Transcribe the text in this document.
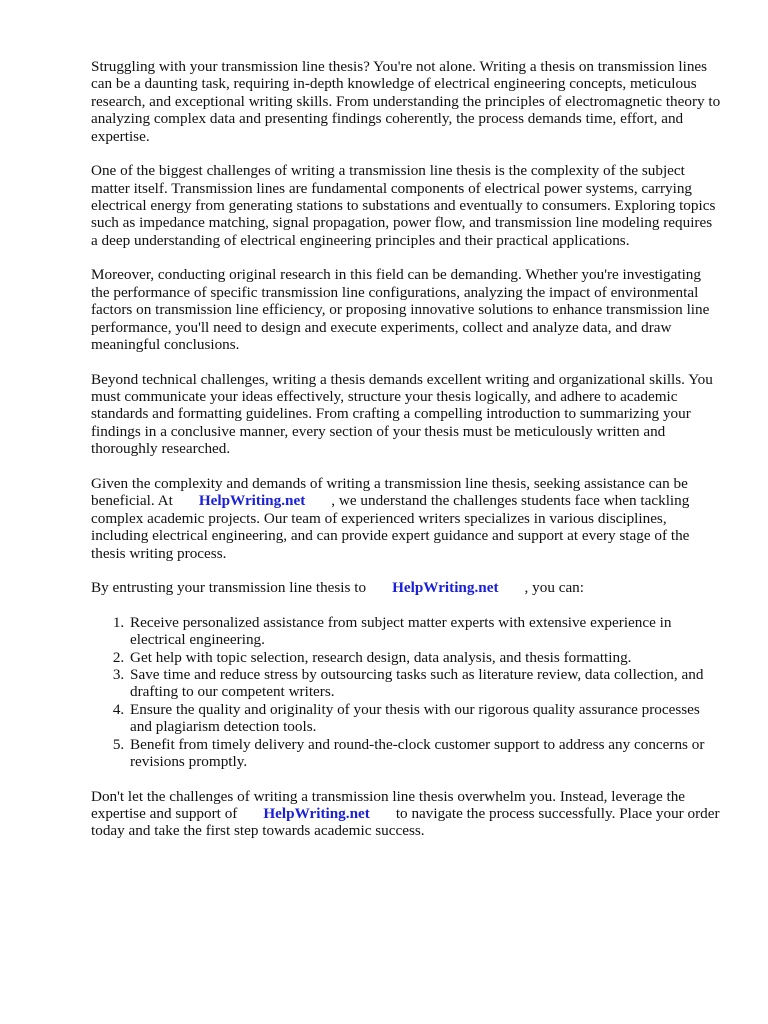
Struggling with your transmission line thesis? You're not alone. Writing a thesis on transmission lines can be a daunting task, requiring in-depth knowledge of electrical engineering concepts, meticulous research, and exceptional writing skills. From understanding the principles of electromagnetic theory to analyzing complex data and presenting findings coherently, the process demands time, effort, and expertise.

One of the biggest challenges of writing a transmission line thesis is the complexity of the subject matter itself. Transmission lines are fundamental components of electrical power systems, carrying electrical energy from generating stations to substations and eventually to consumers. Exploring topics such as impedance matching, signal propagation, power flow, and transmission line modeling requires a deep understanding of electrical engineering principles and their practical applications.

Moreover, conducting original research in this field can be demanding. Whether you're investigating the performance of specific transmission line configurations, analyzing the impact of environmental factors on transmission line efficiency, or proposing innovative solutions to enhance transmission line performance, you'll need to design and execute experiments, collect and analyze data, and draw meaningful conclusions.

Beyond technical challenges, writing a thesis demands excellent writing and organizational skills. You must communicate your ideas effectively, structure your thesis logically, and adhere to academic standards and formatting guidelines. From crafting a compelling introduction to summarizing your findings in a conclusive manner, every section of your thesis must be meticulously written and thoroughly researched.

Given the complexity and demands of writing a transmission line thesis, seeking assistance can be beneficial. At HelpWriting.net , we understand the challenges students face when tackling complex academic projects. Our team of experienced writers specializes in various disciplines, including electrical engineering, and can provide expert guidance and support at every stage of the thesis writing process.

By entrusting your transmission line thesis to HelpWriting.net , you can:

1. Receive personalized assistance from subject matter experts with extensive experience in electrical engineering.
2. Get help with topic selection, research design, data analysis, and thesis formatting.
3. Save time and reduce stress by outsourcing tasks such as literature review, data collection, and drafting to our competent writers.
4. Ensure the quality and originality of your thesis with our rigorous quality assurance processes and plagiarism detection tools.
5. Benefit from timely delivery and round-the-clock customer support to address any concerns or revisions promptly.

Don't let the challenges of writing a transmission line thesis overwhelm you. Instead, leverage the expertise and support of HelpWriting.net to navigate the process successfully. Place your order today and take the first step towards academic success.
